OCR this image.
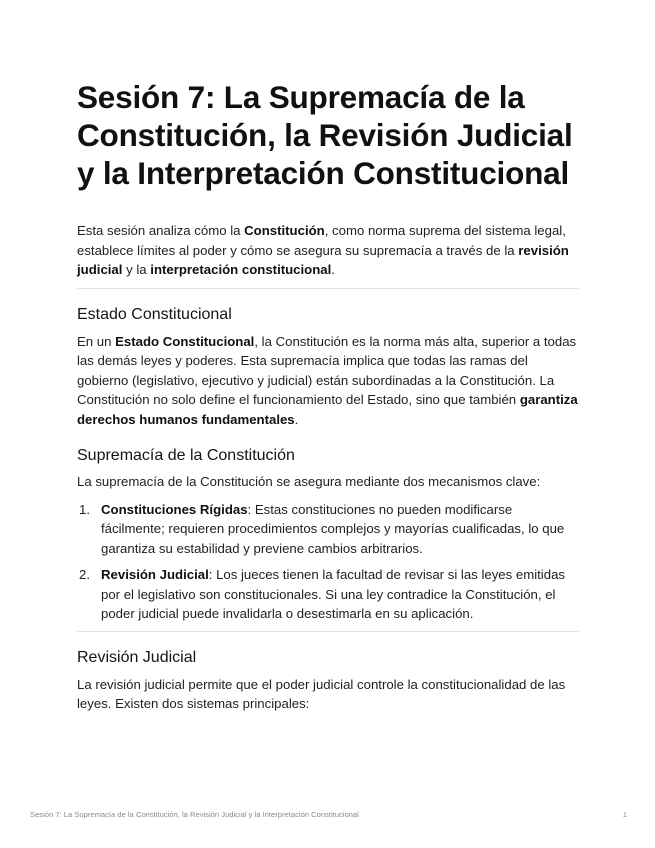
Sesión 7: La Supremacía de la Constitución, la Revisión Judicial y la Interpretación Constitucional

Esta sesión analiza cómo la Constitución, como norma suprema del sistema legal, establece límites al poder y cómo se asegura su supremacía a través de la revisión judicial y la interpretación constitucional.

Estado Constitucional

En un Estado Constitucional, la Constitución es la norma más alta, superior a todas las demás leyes y poderes. Esta supremacía implica que todas las ramas del gobierno (legislativo, ejecutivo y judicial) están subordinadas a la Constitución. La Constitución no solo define el funcionamiento del Estado, sino que también garantiza derechos humanos fundamentales.

Supremacía de la Constitución

La supremacía de la Constitución se asegura mediante dos mecanismos clave:

1. Constituciones Rígidas: Estas constituciones no pueden modificarse fácilmente; requieren procedimientos complejos y mayorías cualificadas, lo que garantiza su estabilidad y previene cambios arbitrarios.
2. Revisión Judicial: Los jueces tienen la facultad de revisar si las leyes emitidas por el legislativo son constitucionales. Si una ley contradice la Constitución, el poder judicial puede invalidarla o desestimarla en su aplicación.
Revisión Judicial

La revisión judicial permite que el poder judicial controle la constitucionalidad de las leyes. Existen dos sistemas principales:

Sesión 7: La Supremacía de la Constitución, la Revisión Judicial y la Interpretación Constitucional	1
